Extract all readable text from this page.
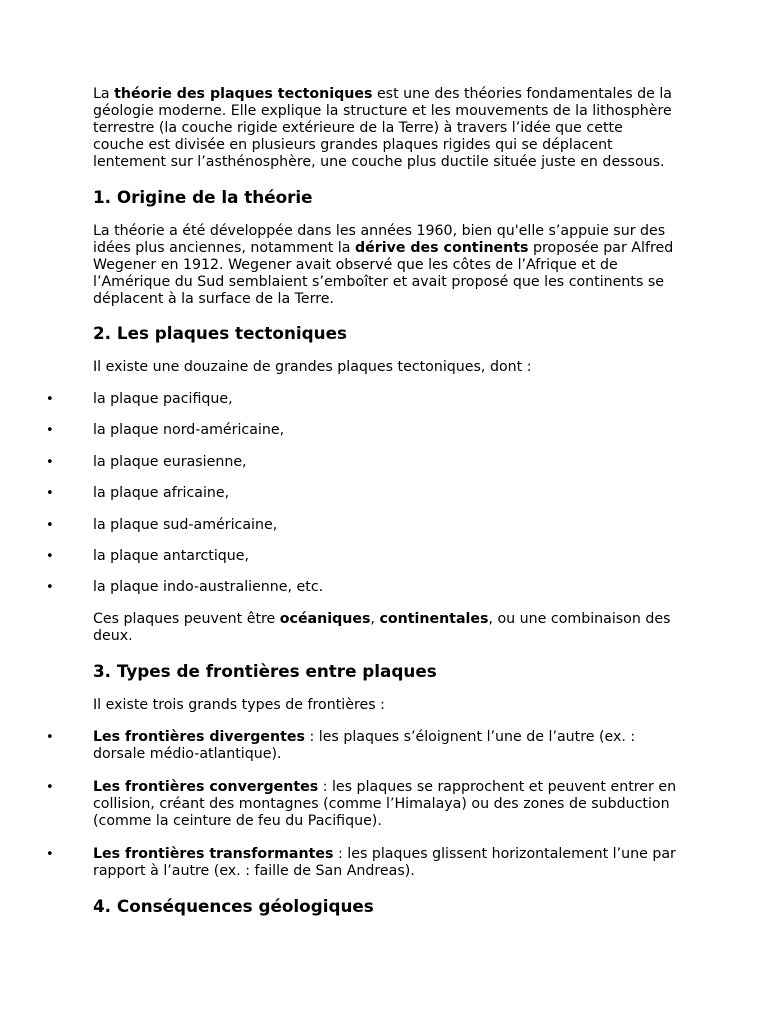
La théorie des plaques tectoniques est une des théories fondamentales de la géologie moderne. Elle explique la structure et les mouvements de la lithosphère terrestre (la couche rigide extérieure de la Terre) à travers l’idée que cette couche est divisée en plusieurs grandes plaques rigides qui se déplacent lentement sur l’asthénosphère, une couche plus ductile située juste en dessous.

1. Origine de la théorie

La théorie a été développée dans les années 1960, bien qu'elle s’appuie sur des idées plus anciennes, notamment la dérive des continents proposée par Alfred Wegener en 1912. Wegener avait observé que les côtes de l’Afrique et de l’Amérique du Sud semblaient s’emboîter et avait proposé que les continents se déplacent à la surface de la Terre.

2. Les plaques tectoniques

Il existe une douzaine de grandes plaques tectoniques, dont :

•	la plaque pacifique,
•	la plaque nord-américaine,
•	la plaque eurasienne,
•	la plaque africaine,
•	la plaque sud-américaine,
•	la plaque antarctique,
•	la plaque indo-australienne, etc.

Ces plaques peuvent être océaniques, continentales, ou une combinaison des deux.

3. Types de frontières entre plaques

Il existe trois grands types de frontières :

•	Les frontières divergentes : les plaques s’éloignent l’une de l’autre (ex. : dorsale médio-atlantique).
•	Les frontières convergentes : les plaques se rapprochent et peuvent entrer en collision, créant des montagnes (comme l’Himalaya) ou des zones de subduction (comme la ceinture de feu du Pacifique).
•	Les frontières transformantes : les plaques glissent horizontalement l’une par rapport à l’autre (ex. : faille de San Andreas).
4. Conséquences géologiques
